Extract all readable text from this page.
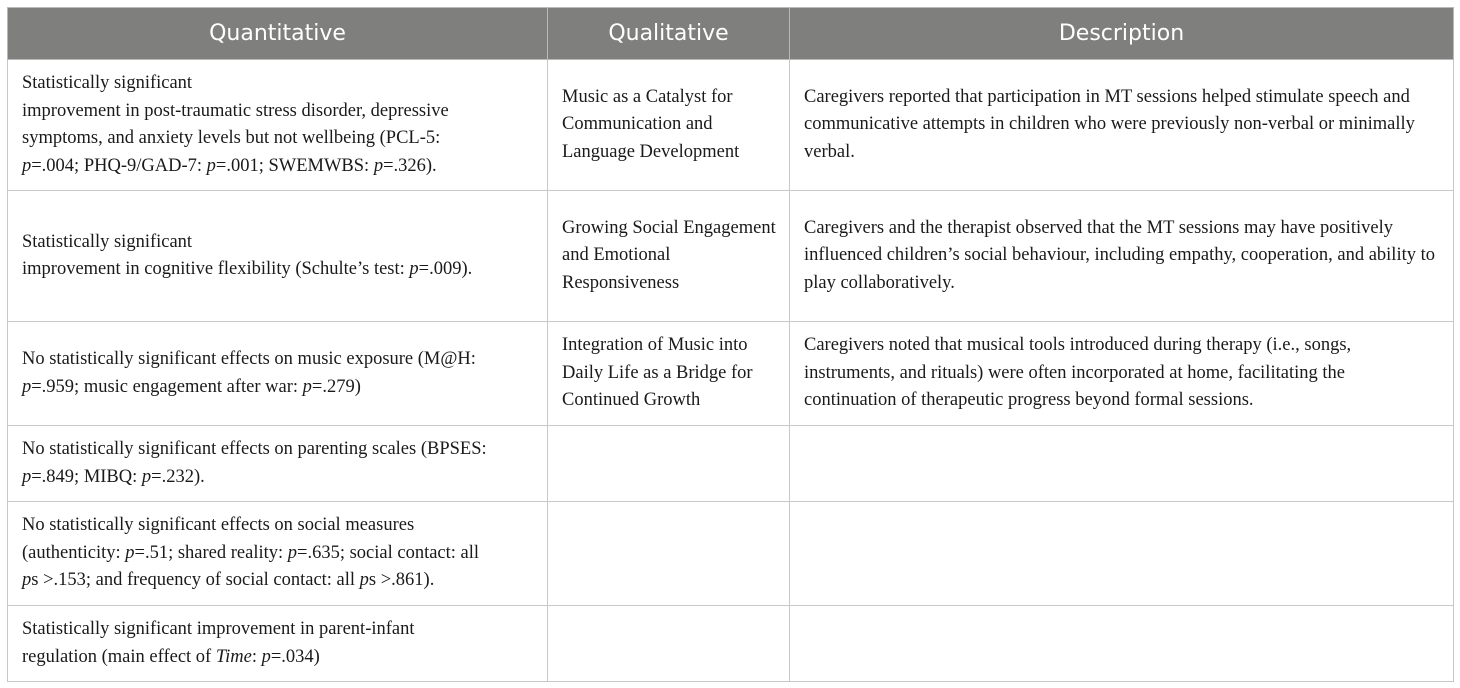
Quantitative	Qualitative	Description

Statistically significant
improvement in post-traumatic stress disorder, depressive
symptoms, and anxiety levels but not wellbeing (PCL-5:
p=.004; PHQ-9/GAD-7: p=.001; SWEMWBS: p=.326).	Music as a Catalyst for Communication and Language Development	Caregivers reported that participation in MT sessions helped stimulate speech and communicative attempts in children who were previously non-verbal or minimally verbal.

Statistically significant
improvement in cognitive flexibility (Schulte’s test: p=.009).	Growing Social Engagement and Emotional Responsiveness	Caregivers and the therapist observed that the MT sessions may have positively influenced children’s social behaviour, including empathy, cooperation, and ability to play collaboratively.

No statistically significant effects on music exposure (M@H:
p=.959; music engagement after war: p=.279)	Integration of Music into Daily Life as a Bridge for Continued Growth	Caregivers noted that musical tools introduced during therapy (i.e., songs, instruments, and rituals) were often incorporated at home, facilitating the continuation of therapeutic progress beyond formal sessions.

No statistically significant effects on parenting scales (BPSES:
p=.849; MIBQ: p=.232).		

No statistically significant effects on social measures
(authenticity: p=.51; shared reality: p=.635; social contact: all
ps >.153; and frequency of social contact: all ps >.861).		

Statistically significant improvement in parent-infant
regulation (main effect of Time: p=.034)		
